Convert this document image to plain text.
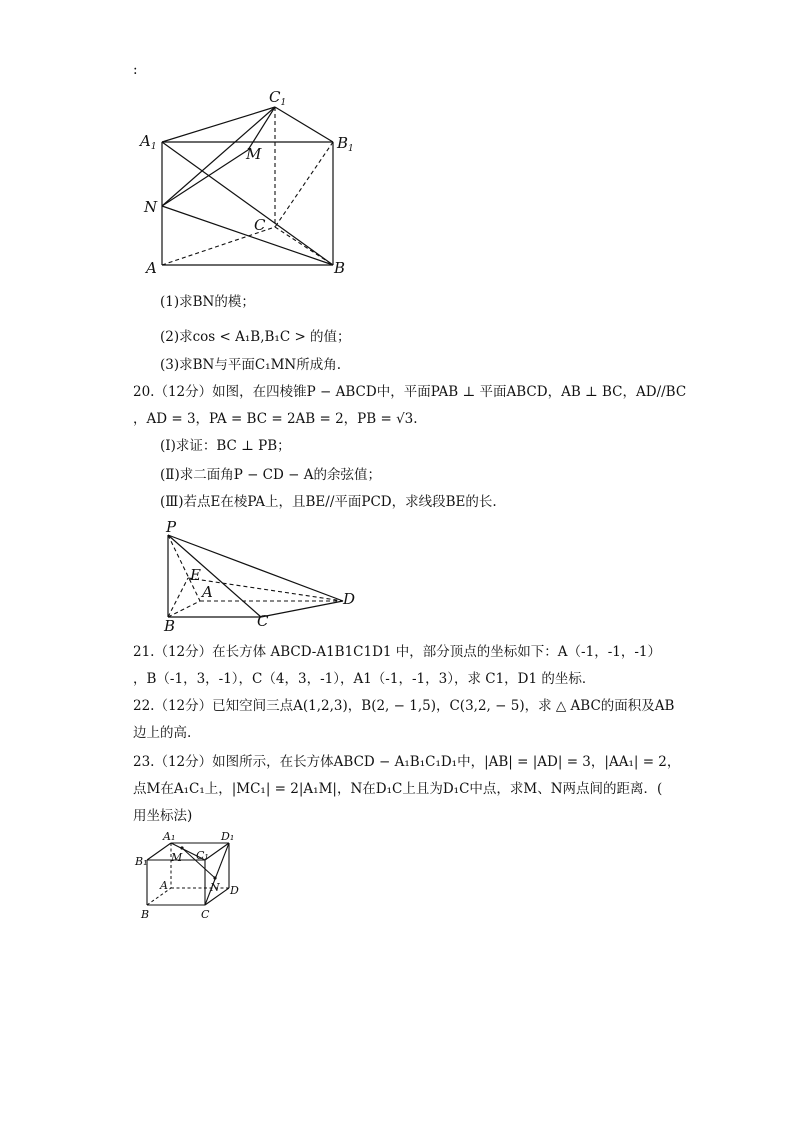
:
$C_1$
$A_1$	$B_1$
M
N
C
A	B
(1)求BN的模；
(2)求cos < A₁B,B₁C > 的值；
(3)求BN与平面C₁MN所成角.
20.（12分）如图，在四棱锥P − ABCD中，平面PAB ⊥ 平面ABCD，AB ⊥ BC，AD//BC
，AD = 3，PA = BC = 2AB = 2，PB = √3.
(Ⅰ)求证：BC ⊥ PB；
(Ⅱ)求二面角P − CD − A的余弦值；
(Ⅲ)若点E在棱PA上，且BE//平面PCD，求线段BE的长.
P
E
A	D
B	C
21.（12分）在长方体 ABCD-A1B1C1D1 中，部分顶点的坐标如下：A（-1，-1，-1）
，B（-1，3，-1），C（4，3，-1），A1（-1，-1，3），求 C1，D1 的坐标．
22.（12分）已知空间三点A(1,2,3)，B(2, − 1,5)，C(3,2, − 5)，求 △ ABC的面积及AB
边上的高.
23.（12分）如图所示，在长方体ABCD − A₁B₁C₁D₁中，|AB| = |AD| = 3，|AA₁| = 2，
点M在A₁C₁上，|MC₁| = 2|A₁M|，N在D₁C上且为D₁C中点，求M、N两点间的距离．(
用坐标法)
A₁	D₁
B₁ M C₁
A	N D
B	C
